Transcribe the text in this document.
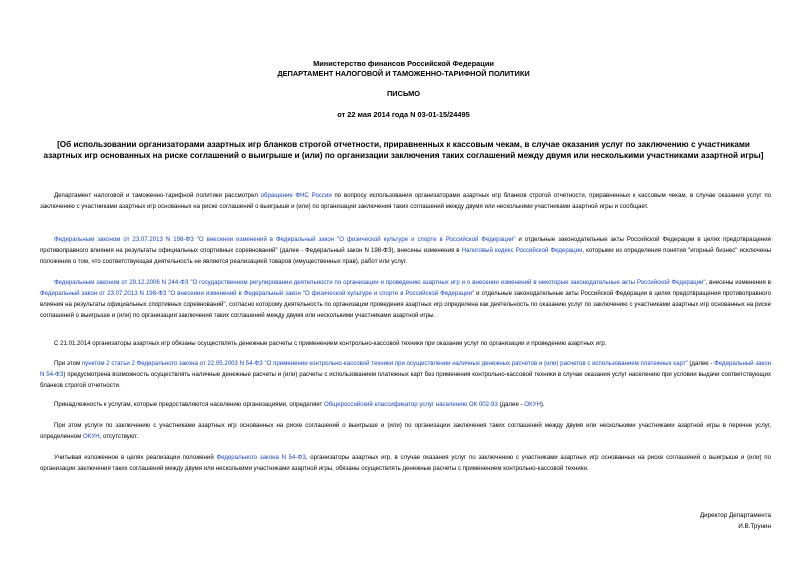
Министерство финансов Российской Федерации
ДЕПАРТАМЕНТ НАЛОГОВОЙ И ТАМОЖЕННО-ТАРИФНОЙ ПОЛИТИКИ
ПИСЬМО
от 22 мая 2014 года N 03-01-15/24495
[Об использовании организаторами азартных игр бланков строгой отчетности, приравненных к кассовым чекам, в случае оказания услуг по заключению с участниками азартных игр основанных на риске соглашений о выигрыше и (или) по организации заключения таких соглашений между двумя или несколькими участниками азартной игры]
Департамент налоговой и таможенно-тарифной политики рассмотрел обращение ФНС России по вопросу использования организаторами азартных игр бланков строгой отчетности, приравненных к кассовым чекам, в случае оказания услуг по заключению с участниками азартных игр основанных на риске соглашений о выигрыше и (или) по организации заключения таких соглашений между двумя или несколькими участниками азартной игры и сообщает.
Федеральным законом от 23.07.2013 N 198-ФЗ "О внесении изменений в Федеральный закон "О физической культуре и спорте в Российской Федерации" и отдельные законодательные акты Российской Федерации в целях предотвращения противоправного влияния на результаты официальных спортивных соревнований" (далее - Федеральный закон N 198-ФЗ), внесены изменения в Налоговый кодекс Российской Федерации, которыми из определения понятия "игорный бизнес" исключены положения о том, что соответствующая деятельность не является реализацией товаров (имущественных прав), работ или услуг.
Федеральным законом от 29.12.2006 N 244-ФЗ "О государственном регулировании деятельности по организации и проведению азартных игр и о внесении изменений в некоторые законодательные акты Российской Федерации", внесены изменения в Федеральный закон от 23.07.2013 N 198-ФЗ "О внесении изменений в Федеральный закон "О физической культуре и спорте в Российской Федерации" и отдельные законодательные акты Российской Федерации в целях предотвращения противоправного влияния на результаты официальных спортивных соревнований", согласно которому деятельность по организации проведения азартных игр определена как деятельность по оказанию услуг по заключению с участниками азартных игр основанных на риске соглашений о выигрыше и (или) по организации заключения таких соглашений между двумя или несколькими участниками азартной игры.
С 21.01.2014 организаторы азартных игр обязаны осуществлять денежные расчеты с применением контрольно-кассовой техники при оказании услуг по организации и проведению азартных игр.
При этом пунктом 2 статьи 2 Федерального закона от 22.05.2003 N 54-ФЗ "О применении контрольно-кассовой техники при осуществлении наличных денежных расчетов и (или) расчетов с использованием платежных карт" (далее - Федеральный закон N 54-ФЗ) предусмотрена возможность осуществлять наличные денежные расчеты и (или) расчеты с использованием платежных карт без применения контрольно-кассовой техники в случае оказания услуг населению при условии выдачи соответствующих бланков строгой отчетности.
Принадлежность к услугам, которые предоставляются населению организациями, определяет Общероссийский классификатор услуг населению ОК 002-93 (далее - ОКУН).
При этом услуги по заключению с участниками азартных игр основанных на риске соглашений о выигрыше и (или) по организации заключения таких соглашений между двумя или несколькими участниками азартной игры в перечне услуг, определенном ОКУН, отсутствуют.
Учитывая изложенное в целях реализации положений Федерального закона N 54-ФЗ, организаторы азартных игр, в случае оказания услуг по заключению с участниками азартных игр основанных на риске соглашений о выигрыше и (или) по организации заключения таких соглашений между двумя или несколькими участниками азартной игры, обязаны осуществлять денежные расчеты с применением контрольно-кассовой техники.
Директор Департамента
И.В.Трунин
